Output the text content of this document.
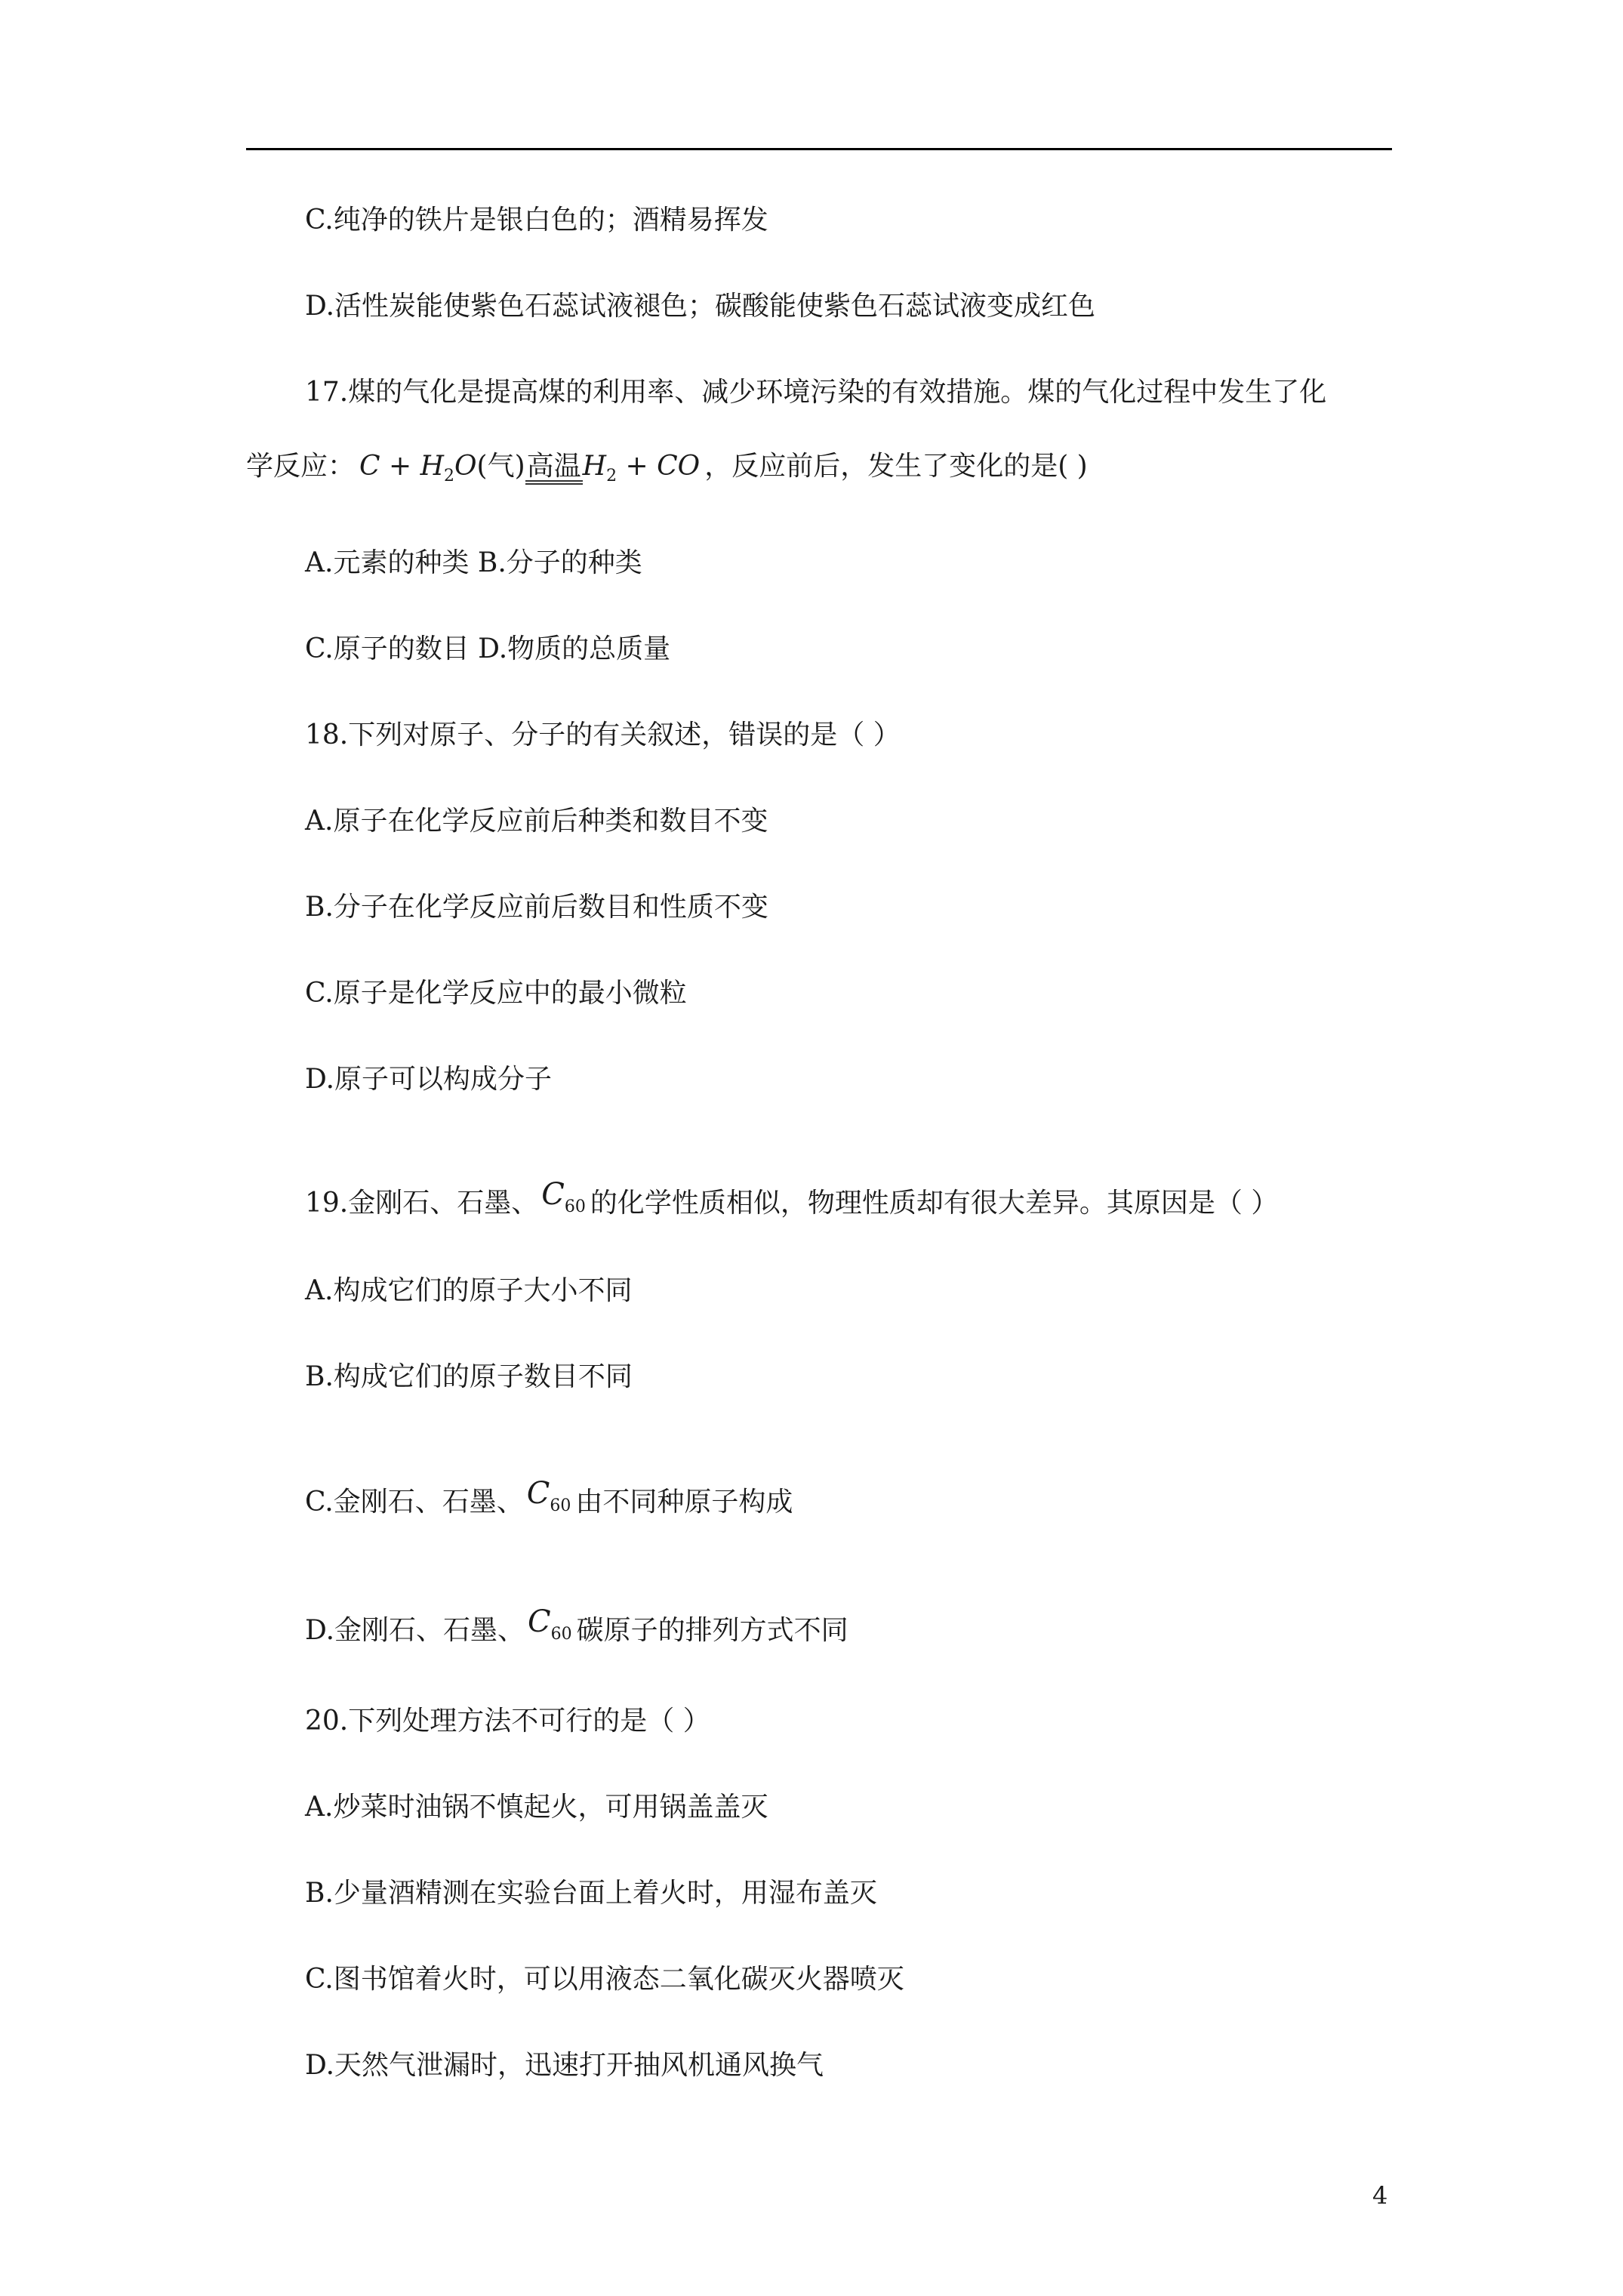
C.纯净的铁片是银白色的；酒精易挥发
D.活性炭能使紫色石蕊试液褪色；碳酸能使紫色石蕊试液变成红色
17.煤的气化是提高煤的利用率、减少环境污染的有效措施。煤的气化过程中发生了化
学反应： $C + H_2O$(气)高温$H_2$ + CO ，反应前后，发生了变化的是( )
A.元素的种类 B.分子的种类
C.原子的数目 D.物质的总质量
18.下列对原子、分子的有关叙述，错误的是（ ）
A.原子在化学反应前后种类和数目不变
B.分子在化学反应前后数目和性质不变
C.原子是化学反应中的最小微粒
D.原子可以构成分子
19.金刚石、石墨、 $C_{60}$ 的化学性质相似，物理性质却有很大差异。其原因是（ ）
A.构成它们的原子大小不同
B.构成它们的原子数目不同
C.金刚石、石墨、 $C_{60}$ 由不同种原子构成
D.金刚石、石墨、 $C_{60}$ 碳原子的排列方式不同
20.下列处理方法不可行的是（ ）
A.炒菜时油锅不慎起火，可用锅盖盖灭
B.少量酒精测在实验台面上着火时，用湿布盖灭
C.图书馆着火时，可以用液态二氧化碳灭火器喷灭
D.天然气泄漏时，迅速打开抽风机通风换气
4
